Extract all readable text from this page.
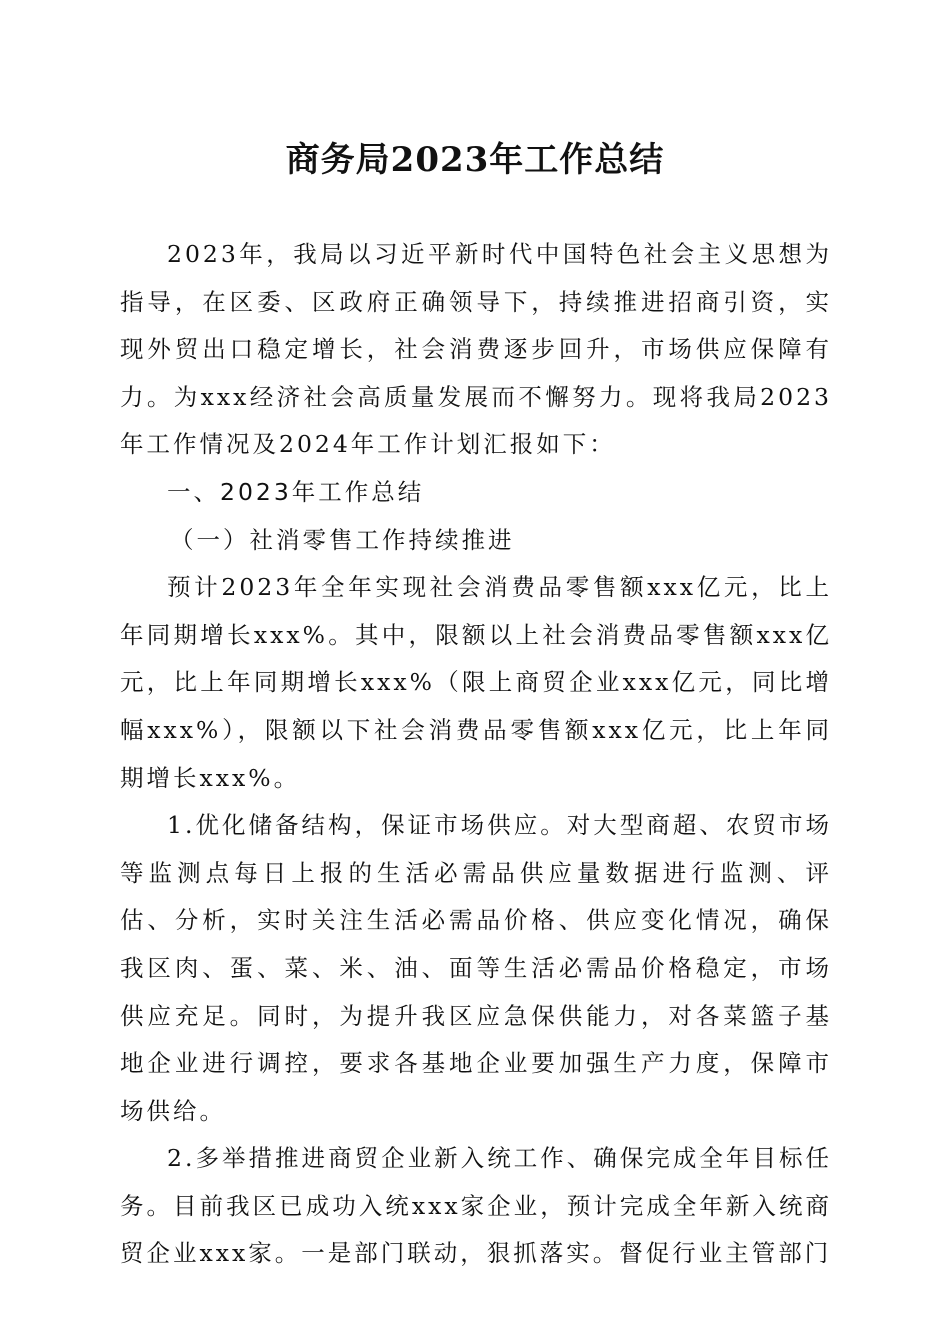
商务局2023年工作总结

2023年，我局以习近平新时代中国特色社会主义思想为指导，在区委、区政府正确领导下，持续推进招商引资，实现外贸出口稳定增长，社会消费逐步回升，市场供应保障有力。为xxx经济社会高质量发展而不懈努力。现将我局2023年工作情况及2024年工作计划汇报如下：

一、2023年工作总结

（一）社消零售工作持续推进

预计2023年全年实现社会消费品零售额xxx亿元，比上年同期增长xxx%。其中，限额以上社会消费品零售额xxx亿元，比上年同期增长xxx%（限上商贸企业xxx亿元，同比增幅xxx%），限额以下社会消费品零售额xxx亿元，比上年同期增长xxx%。

1.优化储备结构，保证市场供应。对大型商超、农贸市场等监测点每日上报的生活必需品供应量数据进行监测、评估、分析，实时关注生活必需品价格、供应变化情况，确保我区肉、蛋、菜、米、油、面等生活必需品价格稳定，市场供应充足。同时，为提升我区应急保供能力，对各菜篮子基地企业进行调控，要求各基地企业要加强生产力度，保障市场供给。

2.多举措推进商贸企业新入统工作、确保完成全年目标任务。目前我区已成功入统xxx家企业，预计完成全年新入统商贸企业xxx家。一是部门联动，狠抓落实。督促行业主管部门
